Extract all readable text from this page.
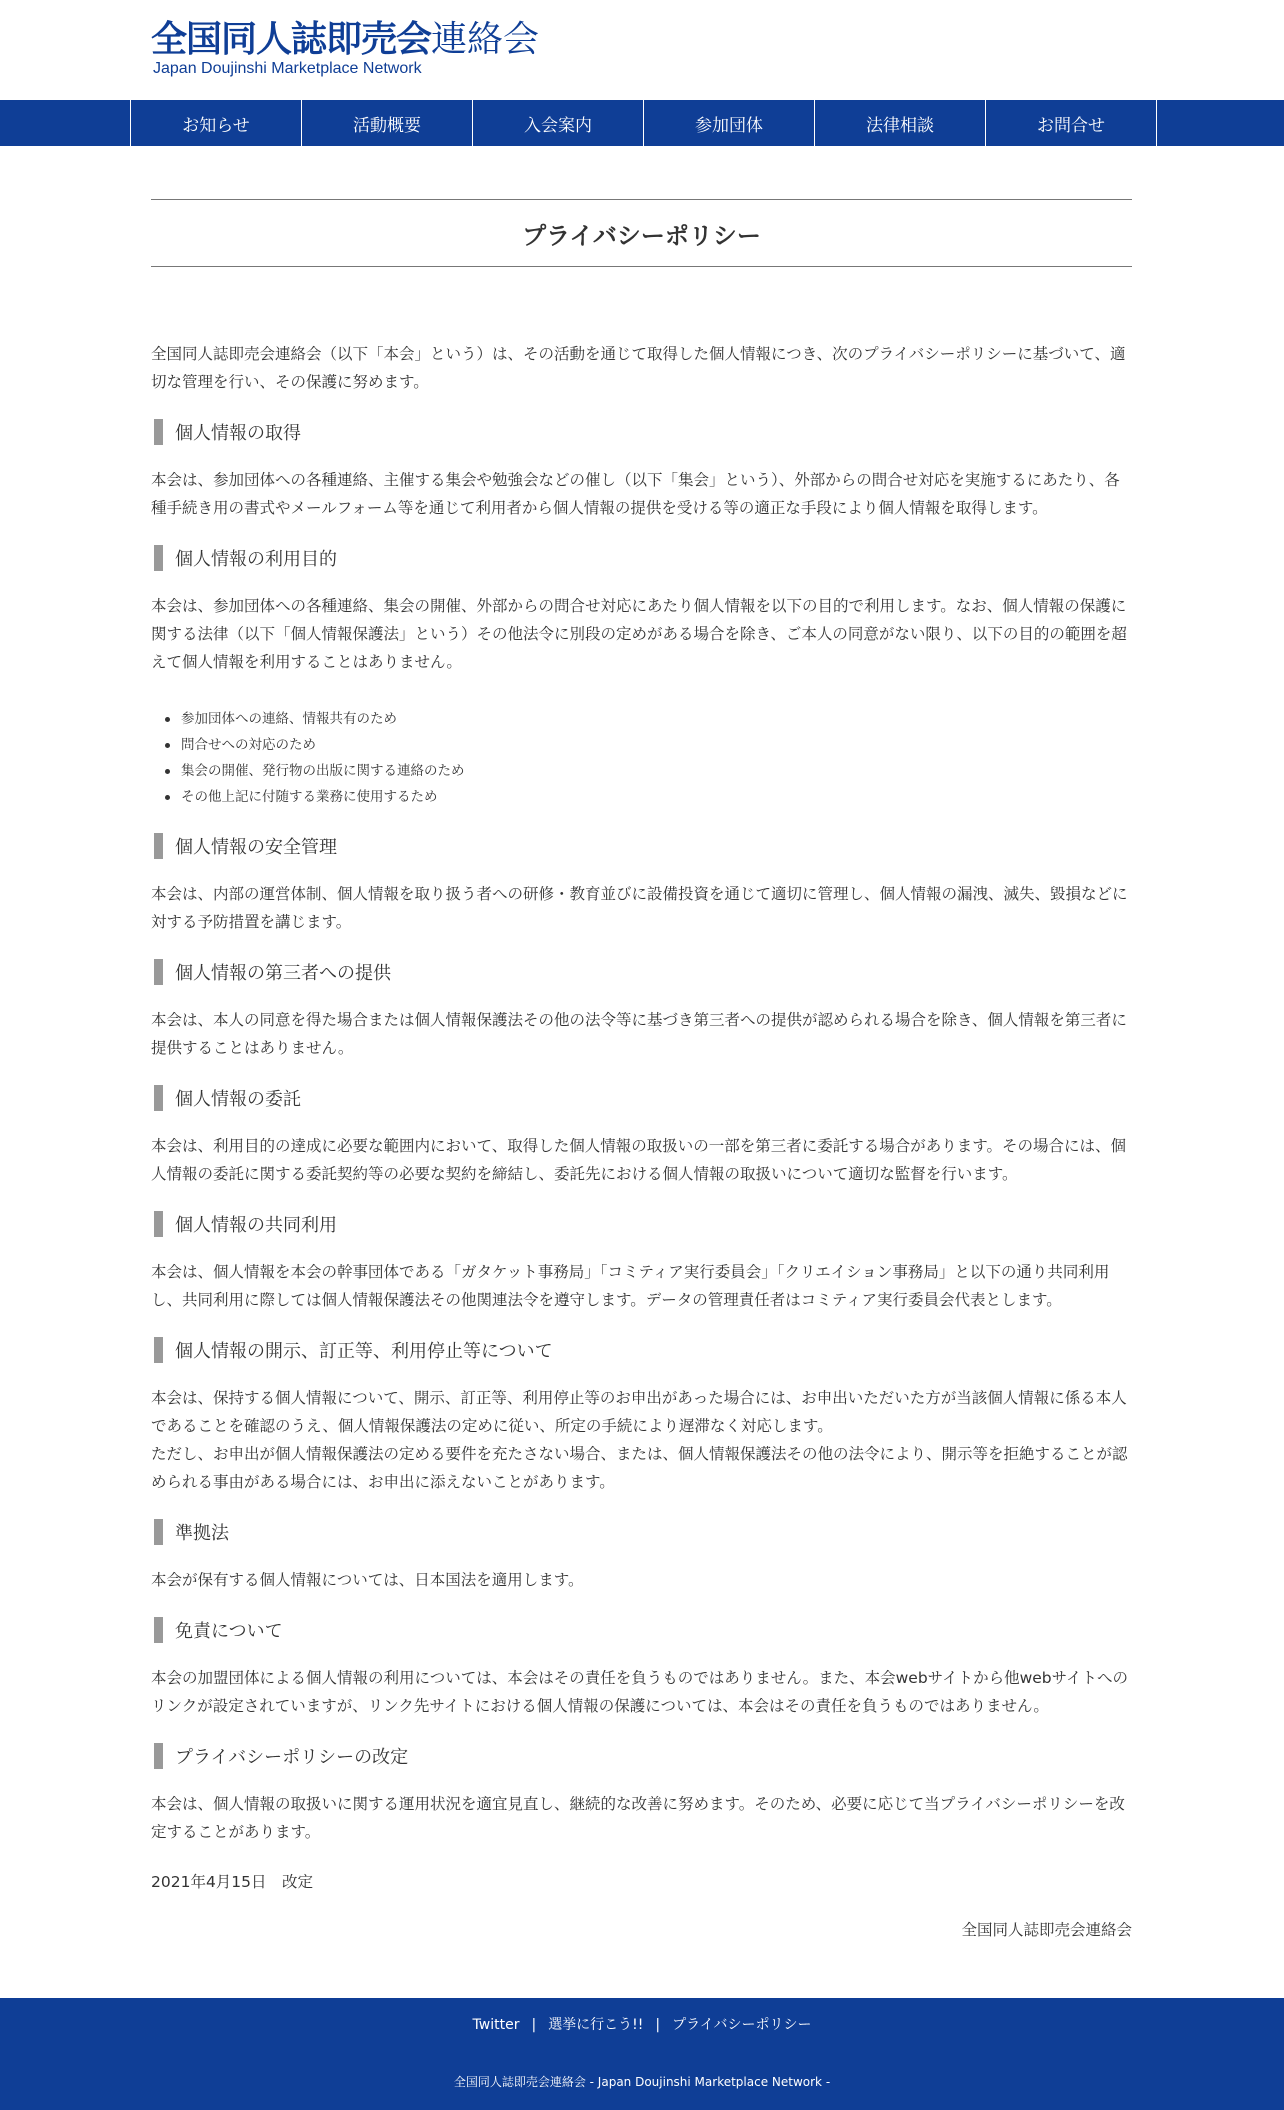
全国同人誌即売会連絡会
Japan Doujinshi Marketplace Network
お知らせ	活動概要	入会案内	参加団体	法律相談	お問合せ
プライバシーポリシー

全国同人誌即売会連絡会（以下「本会」という）は、その活動を通じて取得した個人情報につき、次のプライバシーポリシーに基づいて、適切な管理を行い、その保護に努めます。

個人情報の取得

本会は、参加団体への各種連絡、主催する集会や勉強会などの催し（以下「集会」という）、外部からの問合せ対応を実施するにあたり、各種手続き用の書式やメールフォーム等を通じて利用者から個人情報の提供を受ける等の適正な手段により個人情報を取得します。

個人情報の利用目的

本会は、参加団体への各種連絡、集会の開催、外部からの問合せ対応にあたり個人情報を以下の目的で利用します。なお、個人情報の保護に関する法律（以下「個人情報保護法」という）その他法令に別段の定めがある場合を除き、ご本人の同意がない限り、以下の目的の範囲を超えて個人情報を利用することはありません。

参加団体への連絡、情報共有のため
問合せへの対応のため
集会の開催、発行物の出版に関する連絡のため
その他上記に付随する業務に使用するため
個人情報の安全管理

本会は、内部の運営体制、個人情報を取り扱う者への研修・教育並びに設備投資を通じて適切に管理し、個人情報の漏洩、滅失、毀損などに対する予防措置を講じます。

個人情報の第三者への提供

本会は、本人の同意を得た場合または個人情報保護法その他の法令等に基づき第三者への提供が認められる場合を除き、個人情報を第三者に提供することはありません。

個人情報の委託

本会は、利用目的の達成に必要な範囲内において、取得した個人情報の取扱いの一部を第三者に委託する場合があります。その場合には、個人情報の委託に関する委託契約等の必要な契約を締結し、委託先における個人情報の取扱いについて適切な監督を行います。

個人情報の共同利用

本会は、個人情報を本会の幹事団体である「ガタケット事務局」「コミティア実行委員会」「クリエイション事務局」と以下の通り共同利用し、共同利用に際しては個人情報保護法その他関連法令を遵守します。データの管理責任者はコミティア実行委員会代表とします。

個人情報の開示、訂正等、利用停止等について

本会は、保持する個人情報について、開示、訂正等、利用停止等のお申出があった場合には、お申出いただいた方が当該個人情報に係る本人であることを確認のうえ、個人情報保護法の定めに従い、所定の手続により遅滞なく対応します。

ただし、お申出が個人情報保護法の定める要件を充たさない場合、または、個人情報保護法その他の法令により、開示等を拒絶することが認められる事由がある場合には、お申出に添えないことがあります。

準拠法

本会が保有する個人情報については、日本国法を適用します。

免責について

本会の加盟団体による個人情報の利用については、本会はその責任を負うものではありません。また、本会webサイトから他webサイトへのリンクが設定されていますが、リンク先サイトにおける個人情報の保護については、本会はその責任を負うものではありません。

プライバシーポリシーの改定

本会は、個人情報の取扱いに関する運用状況を適宜見直し、継続的な改善に努めます。そのため、必要に応じて当プライバシーポリシーを改定することがあります。

2021年4月15日　改定

全国同人誌即売会連絡会

Twitter | 選挙に行こう!! | プライバシーポリシー
全国同人誌即売会連絡会 - Japan Doujinshi Marketplace Network -
